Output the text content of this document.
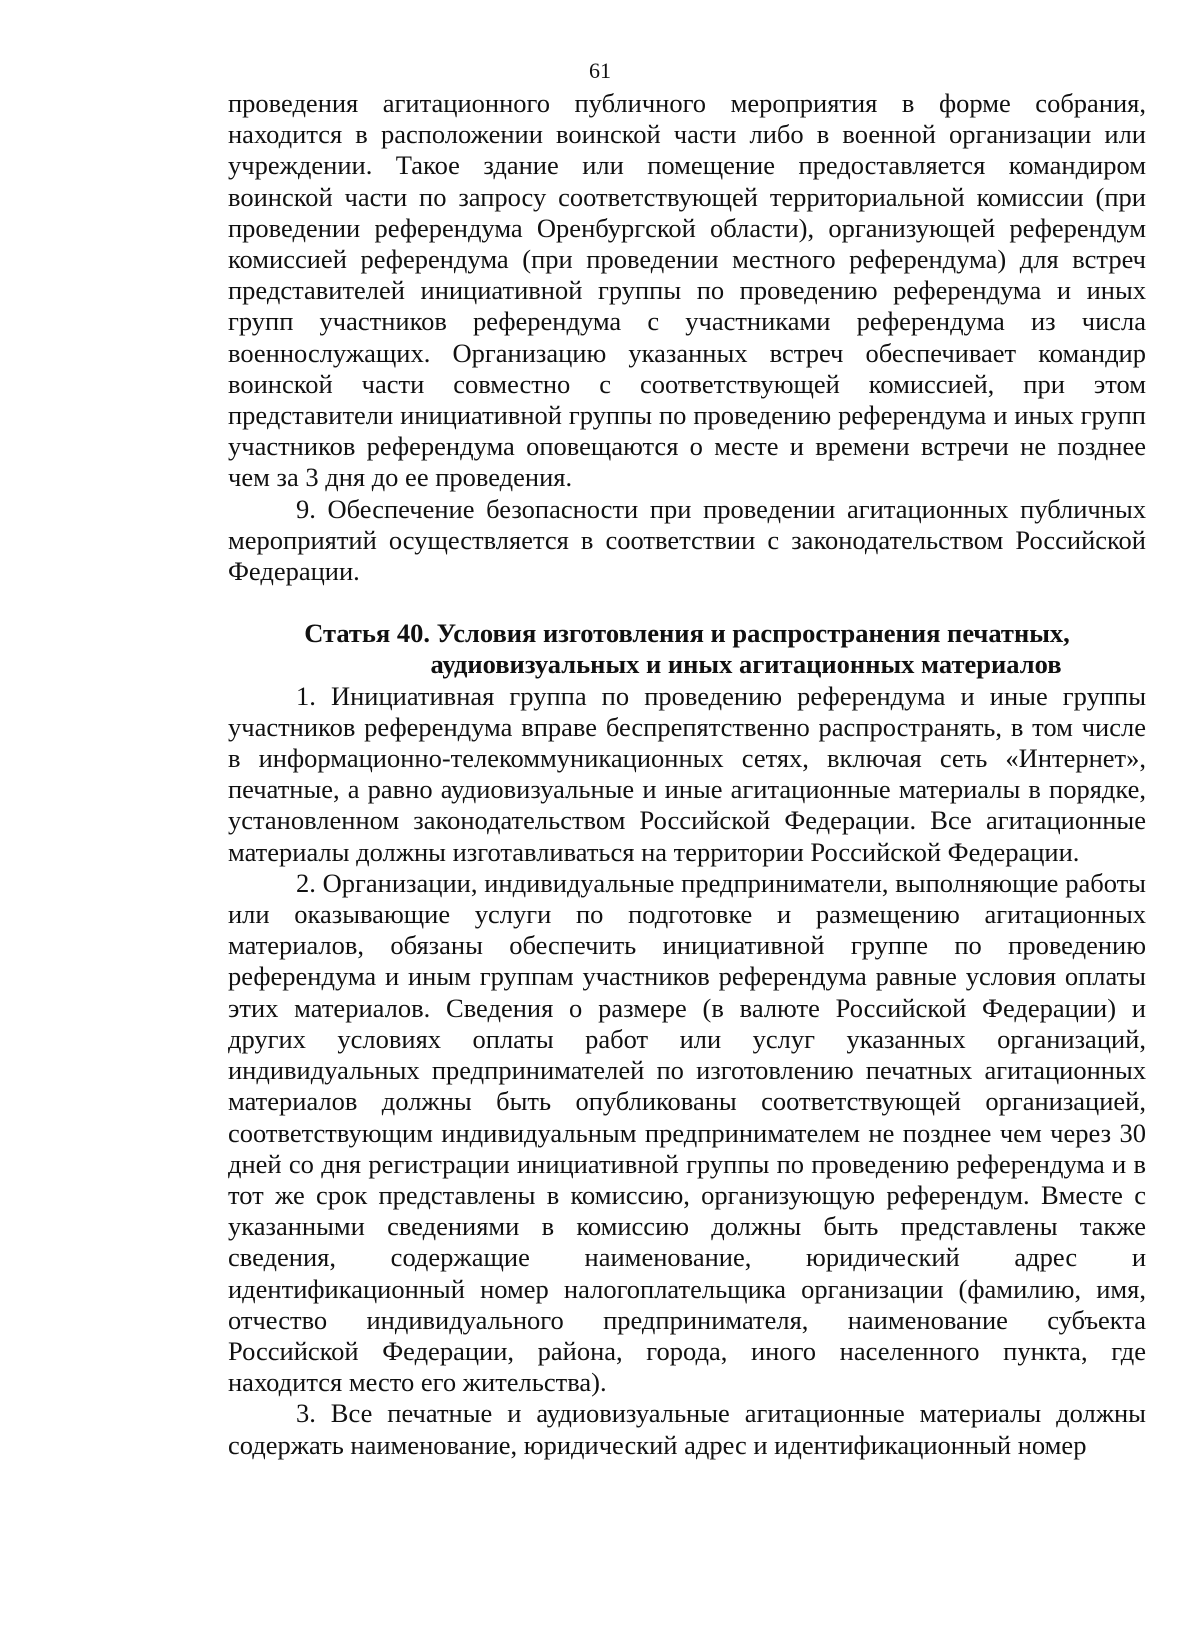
61

проведения агитационного публичного мероприятия в форме собрания, находится в расположении воинской части либо в военной организации или учреждении. Такое здание или помещение предоставляется командиром воинской части по запросу соответствующей территориальной комиссии (при проведении референдума Оренбургской области), организующей референдум комиссией референдума (при проведении местного референдума) для встреч представителей инициативной группы по проведению референдума и иных групп участников референдума с участниками референдума из числа военнослужащих. Организацию указанных встреч обеспечивает командир воинской части совместно с соответствующей комиссией, при этом представители инициативной группы по проведению референдума и иных групп участников референдума оповещаются о месте и времени встречи не позднее чем за 3 дня до ее проведения.

9. Обеспечение безопасности при проведении агитационных публичных мероприятий осуществляется в соответствии с законодательством Российской Федерации.

Статья 40. Условия изготовления и распространения печатных,
аудиовизуальных и иных агитационных материалов

1. Инициативная группа по проведению референдума и иные группы участников референдума вправе беспрепятственно распространять, в том числе в информационно-телекоммуникационных сетях, включая сеть «Интернет», печатные, а равно аудиовизуальные и иные агитационные материалы в порядке, установленном законодательством Российской Федерации. Все агитационные материалы должны изготавливаться на территории Российской Федерации.

2. Организации, индивидуальные предприниматели, выполняющие работы или оказывающие услуги по подготовке и размещению агитационных материалов, обязаны обеспечить инициативной группе по проведению референдума и иным группам участников референдума равные условия оплаты этих материалов. Сведения о размере (в валюте Российской Федерации) и других условиях оплаты работ или услуг указанных организаций, индивидуальных предпринимателей по изготовлению печатных агитационных материалов должны быть опубликованы соответствующей организацией, соответствующим индивидуальным предпринимателем не позднее чем через 30 дней со дня регистрации инициативной группы по проведению референдума и в тот же срок представлены в комиссию, организующую референдум. Вместе с указанными сведениями в комиссию должны быть представлены также сведения, содержащие наименование, юридический адрес и идентификационный номер налогоплательщика организации (фамилию, имя, отчество индивидуального предпринимателя, наименование субъекта Российской Федерации, района, города, иного населенного пункта, где находится место его жительства).

3. Все печатные и аудиовизуальные агитационные материалы должны содержать наименование, юридический адрес и идентификационный номер
